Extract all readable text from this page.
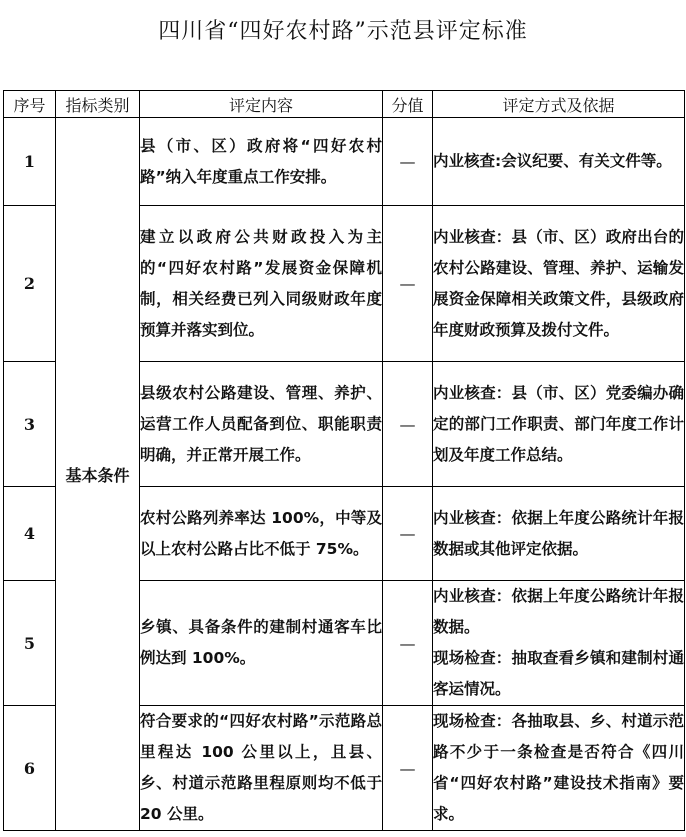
四川省“四好农村路”示范县评定标准
序号	指标类别	评定内容	分值	评定方式及依据
1	基本条件	县（市、区）政府将“四好农村路”纳入年度重点工作安排。	—	内业核查:会议纪要、有关文件等。

2		建立以政府公共财政投入为主的“四好农村路”发展资金保障机制，相关经费已列入同级财政年度预算并落实到位。	—	内业核查：县（市、区）政府出台的农村公路建设、管理、养护、运输发展资金保障相关政策文件，县级政府年度财政预算及拨付文件。

3		县级农村公路建设、管理、养护、运营工作人员配备到位、职能职责明确，并正常开展工作。	—	内业核查：县（市、区）党委编办确定的部门工作职责、部门年度工作计划及年度工作总结。

4		农村公路列养率达 100%，中等及以上农村公路占比不低于 75%。	—	内业核查：依据上年度公路统计年报数据或其他评定依据。

5		乡镇、具备条件的建制村通客车比例达到 100%。	—	内业核查：依据上年度公路统计年报数据。
现场检查：抽取查看乡镇和建制村通客运情况。

6		符合要求的“四好农村路”示范路总里程达 100 公里以上，且县、乡、村道示范路里程原则均不低于 20 公里。	—	现场检查：各抽取县、乡、村道示范路不少于一条检查是否符合《四川省“四好农村路”建设技术指南》要求。
